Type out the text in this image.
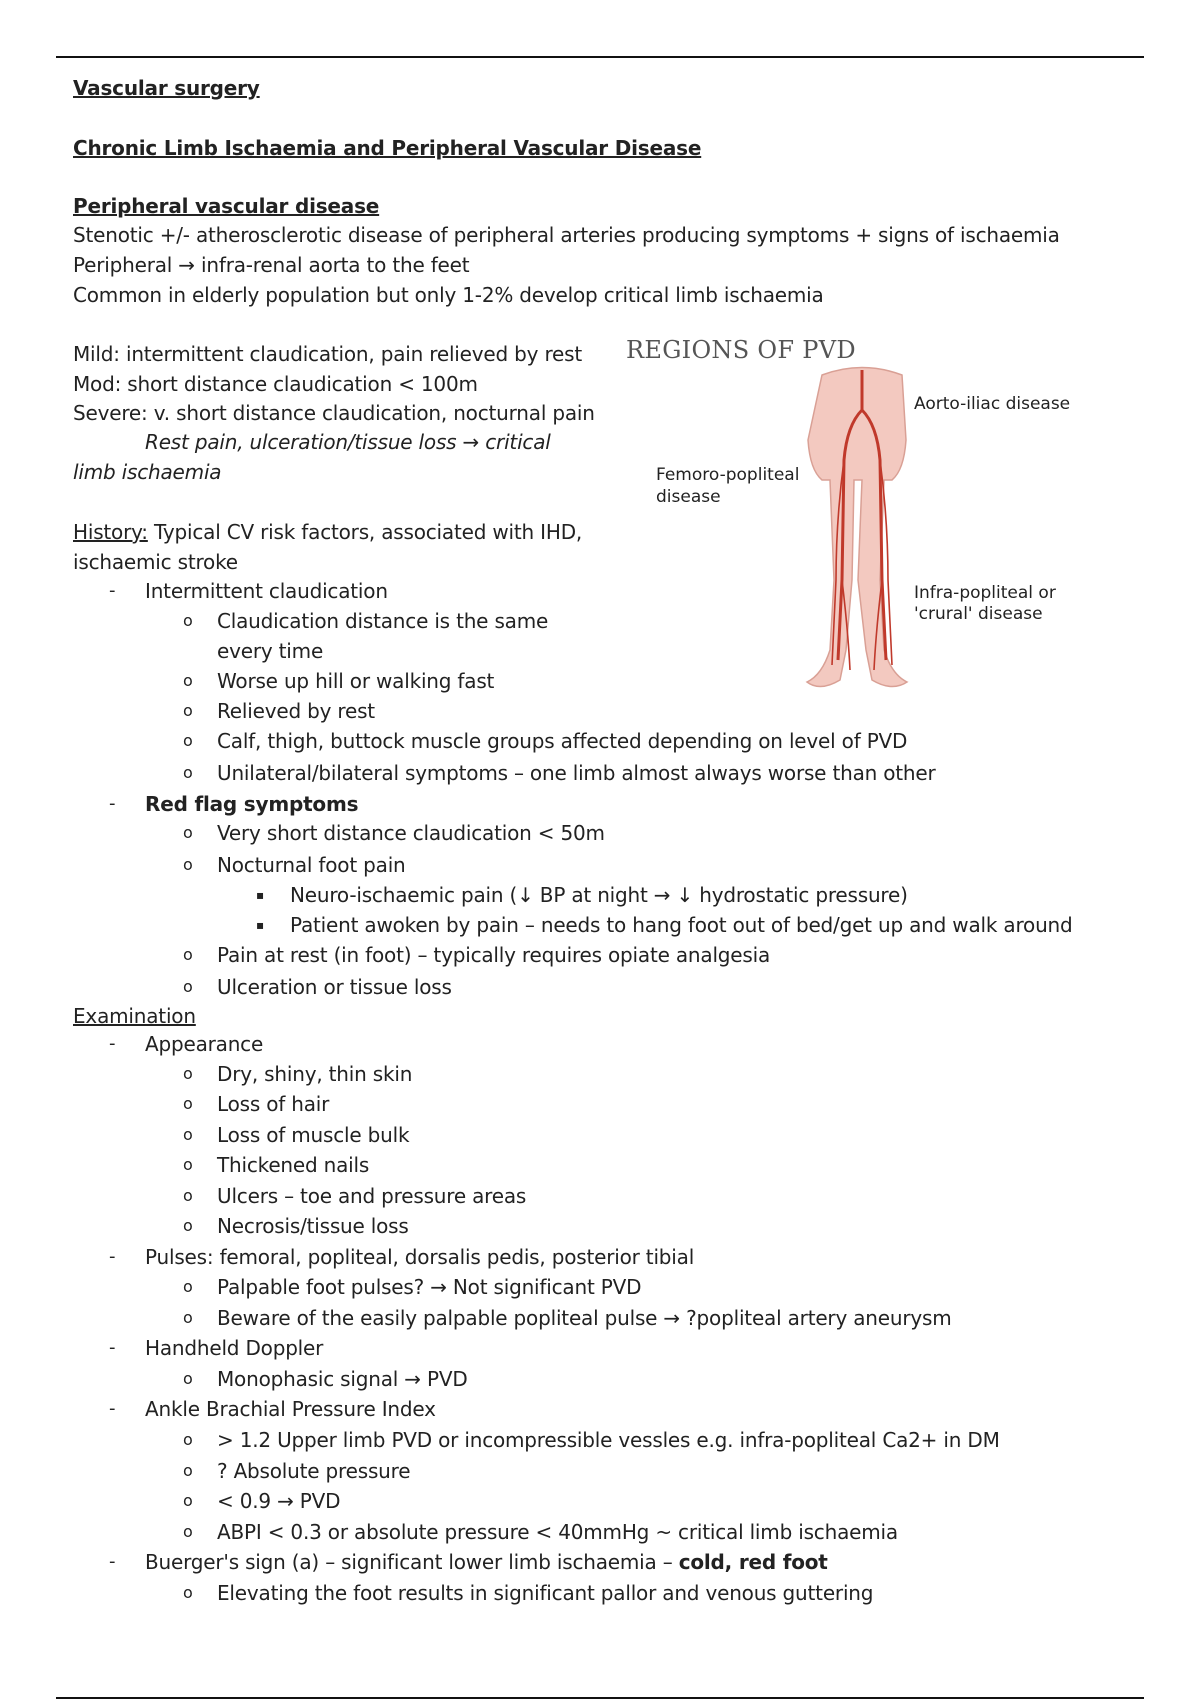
Vascular surgery
Chronic Limb Ischaemia and Peripheral Vascular Disease
Peripheral vascular disease
Stenotic +/- atherosclerotic disease of peripheral arteries producing symptoms + signs of ischaemia
Peripheral → infra-renal aorta to the feet
Common in elderly population but only 1-2% develop critical limb ischaemia
Mild: intermittent claudication, pain relieved by rest
Mod: short distance claudication < 100m
Severe: v. short distance claudication, nocturnal pain
Rest pain, ulceration/tissue loss → critical
limb ischaemia
REGIONS OF PVD
Aorto-iliac disease
Femoro-popliteal
disease
Infra-popliteal or
'crural' disease
History: Typical CV risk factors, associated with IHD,
ischaemic stroke
- Intermittent claudication
o Claudication distance is the same
every time
o Worse up hill or walking fast
o Relieved by rest
o Calf, thigh, buttock muscle groups affected depending on level of PVD
o Unilateral/bilateral symptoms – one limb almost always worse than other
- Red flag symptoms
o Very short distance claudication < 50m
o Nocturnal foot pain
▪ Neuro-ischaemic pain (↓ BP at night → ↓ hydrostatic pressure)
▪ Patient awoken by pain – needs to hang foot out of bed/get up and walk around
o Pain at rest (in foot) – typically requires opiate analgesia
o Ulceration or tissue loss
Examination
- Appearance
o Dry, shiny, thin skin
o Loss of hair
o Loss of muscle bulk
o Thickened nails
o Ulcers – toe and pressure areas
o Necrosis/tissue loss
- Pulses: femoral, popliteal, dorsalis pedis, posterior tibial
o Palpable foot pulses? → Not significant PVD
o Beware of the easily palpable popliteal pulse → ?popliteal artery aneurysm
- Handheld Doppler
o Monophasic signal → PVD
- Ankle Brachial Pressure Index
o > 1.2 Upper limb PVD or incompressible vessles e.g. infra-popliteal Ca2+ in DM
o ? Absolute pressure
o < 0.9 → PVD
o ABPI < 0.3 or absolute pressure < 40mmHg ~ critical limb ischaemia
- Buerger's sign (a) – significant lower limb ischaemia – cold, red foot
o Elevating the foot results in significant pallor and venous guttering
